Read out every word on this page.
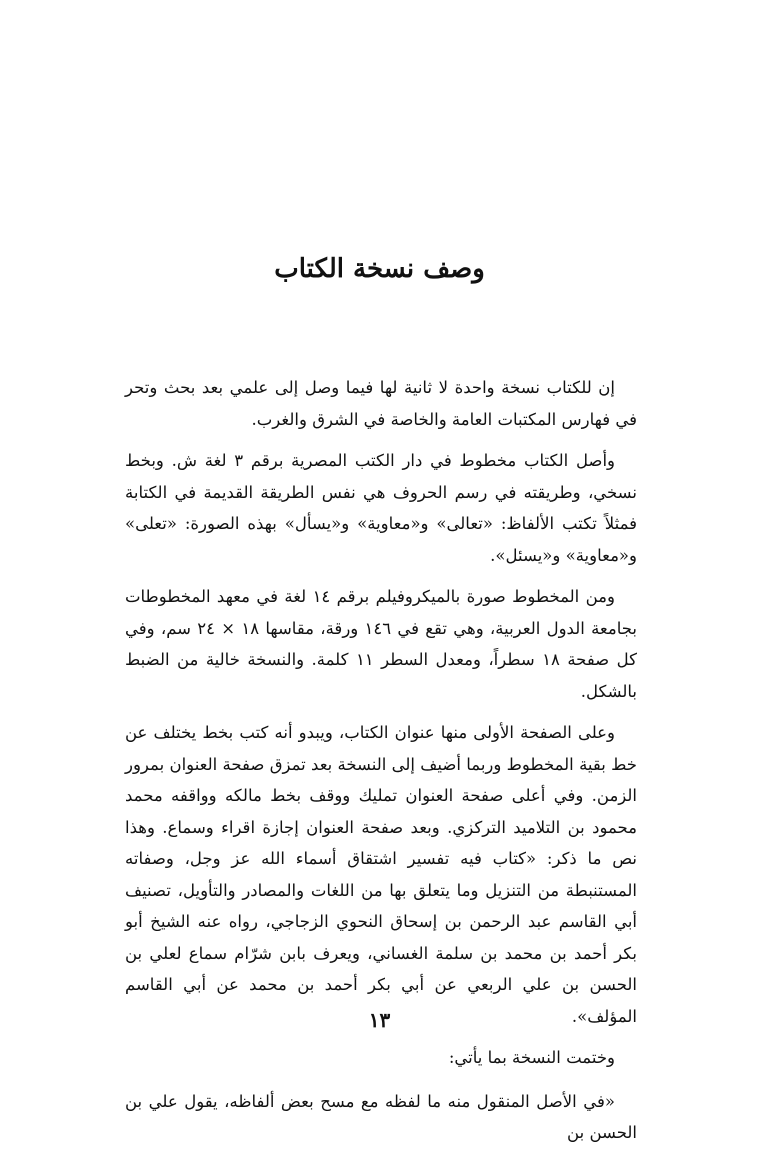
وصف نسخة الكتاب

إن للكتاب نسخة واحدة لا ثانية لها فيما وصل إلى علمي بعد بحث وتحر في فهارس المكتبات العامة والخاصة في الشرق والغرب.

وأصل الكتاب مخطوط في دار الكتب المصرية برقم ٣ لغة ش. وبخط نسخي، وطريقته في رسم الحروف هي نفس الطريقة القديمة في الكتابة فمثلاً تكتب الألفاظ: «تعالى» و«معاوية» و«يسأل» بهذه الصورة: «تعلى» و«معاوية» و«يسئل».

ومن المخطوط صورة بالميكروفيلم برقم ١٤ لغة في معهد المخطوطات بجامعة الدول العربية، وهي تقع في ١٤٦ ورقة، مقاسها ١٨ × ٢٤ سم، وفي كل صفحة ١٨ سطراً، ومعدل السطر ١١ كلمة. والنسخة خالية من الضبط بالشكل.

وعلى الصفحة الأولى منها عنوان الكتاب، ويبدو أنه كتب بخط يختلف عن خط بقية المخطوط وربما أضيف إلى النسخة بعد تمزق صفحة العنوان بمرور الزمن. وفي أعلى صفحة العنوان تمليك ووقف بخط مالكه وواقفه محمد محمود بن التلاميد التركزي. وبعد صفحة العنوان إجازة اقراء وسماع. وهذا نص ما ذكر: «كتاب فيه تفسير اشتقاق أسماء الله عز وجل، وصفاته المستنبطة من التنزيل وما يتعلق بها من اللغات والمصادر والتأويل، تصنيف أبي القاسم عبد الرحمن بن إسحاق النحوي الزجاجي، رواه عنه الشيخ أبو بكر أحمد بن محمد بن سلمة الغساني، ويعرف بابن شرّام سماع لعلي بن الحسن بن علي الربعي عن أبي بكر أحمد بن محمد عن أبي القاسم المؤلف».

وختمت النسخة بما يأتي:

«في الأصل المنقول منه ما لفظه مع مسح بعض ألفاظه، يقول علي بن الحسن بن

١٣
